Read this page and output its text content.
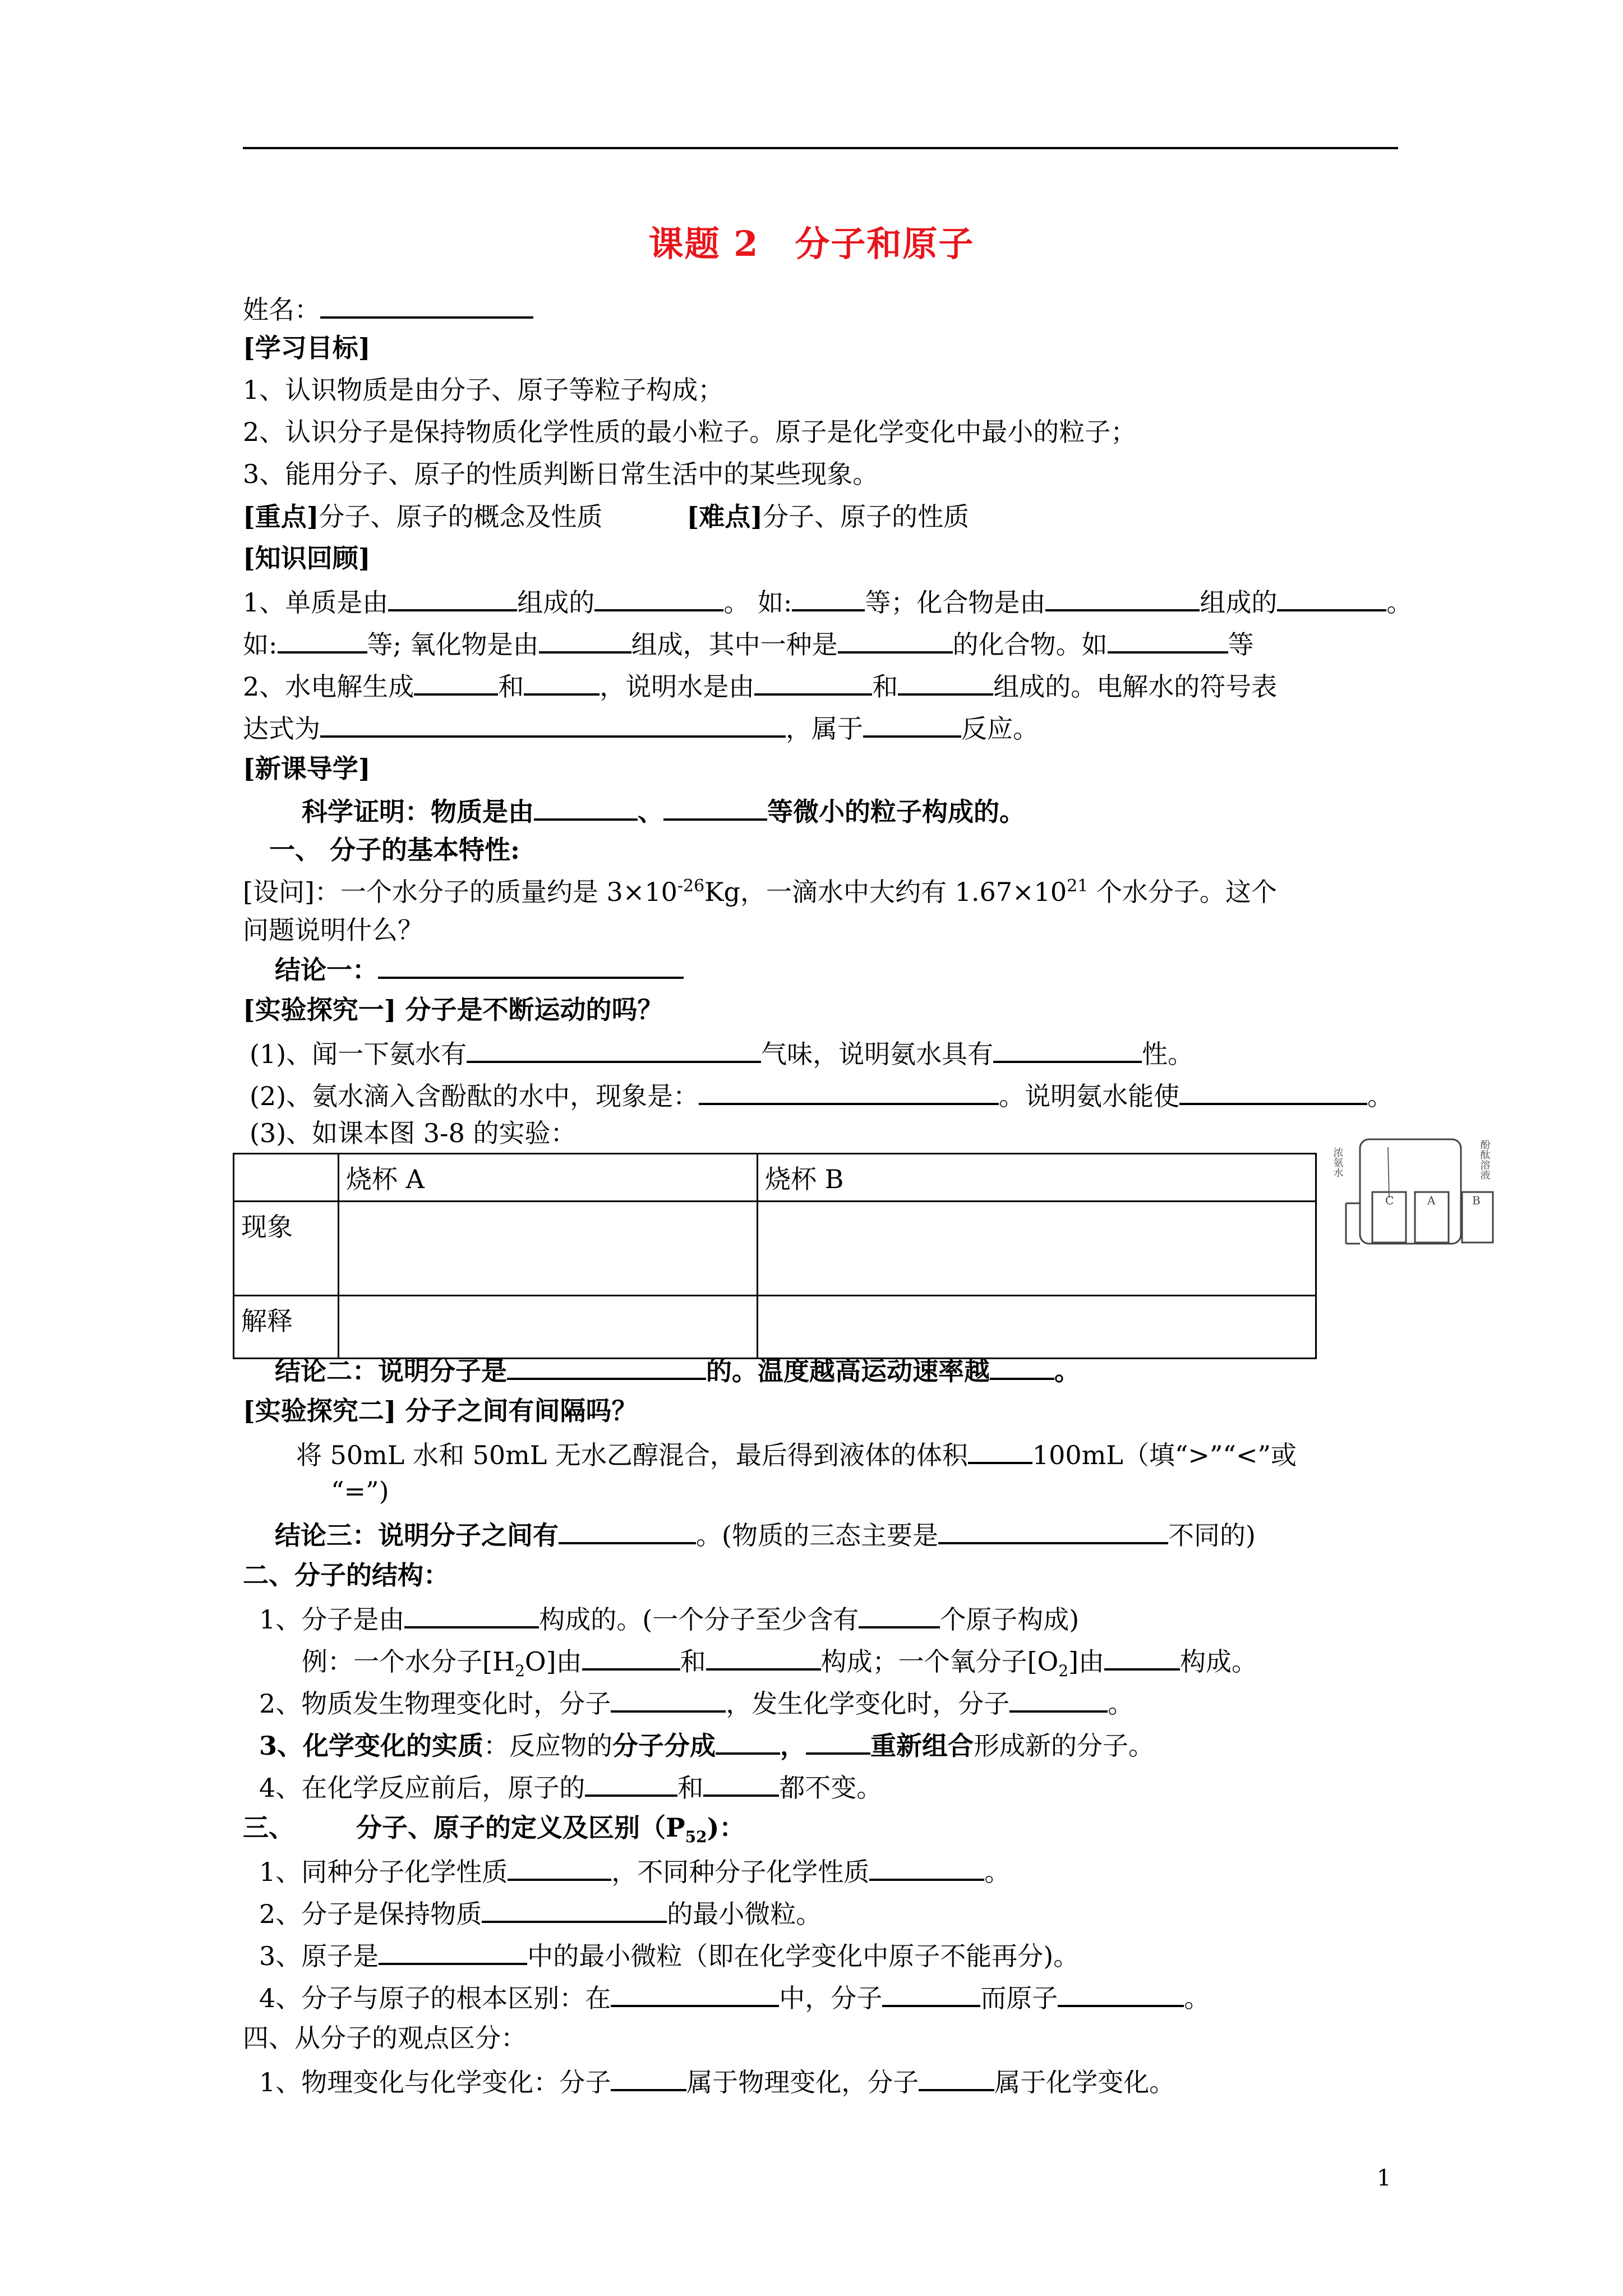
课题 2　分子和原子
姓名：
[学习目标]
1、认识物质是由分子、原子等粒子构成；
2、认识分子是保持物质化学性质的最小粒子。原子是化学变化中最小的粒子；
3、能用分子、原子的性质判断日常生活中的某些现象。
[重点]分子、原子的概念及性质	[难点]分子、原子的性质
[知识回顾]
1、单质是由	组成的	。 如:	等；化合物是由	组成的	。
如:	等; 氧化物是由	组成，其中一种是	的化合物。如	等
2、水电解生成	和	，说明水是由	和	组成的。电解水的符号表
达式为	，属于	反应。
[新课导学]
科学证明：物质是由	、	等微小的粒子构成的。
一、 分子的基本特性:
[设问]：一个水分子的质量约是 $3\times 10^{-26}Kg$，一滴水中大约有 $1.67\times 10^{21}$ 个水分子。这个
问题说明什么？
结论一：
[实验探究一] 分子是不断运动的吗？
(1)、闻一下氨水有	气味，说明氨水具有	性。
(2)、氨水滴入含酚酞的水中，现象是：	。说明氨水能使	。
(3)、如课本图 3-8 的实验：
	烧杯 A	烧杯 B
现象		
解释		
C	A	B
浓氨水	酚酞溶液
结论二：说明分子是	的。温度越高运动速率越	。
[实验探究二] 分子之间有间隔吗？
将 50mL 水和 50mL 无水乙醇混合，最后得到液体的体积	100mL（填“>”“<”或
“=”)
结论三：说明分子之间有	。(物质的三态主要是	不同的)
二、分子的结构：
1、分子是由	构成的。(一个分子至少含有	个原子构成)
例：一个水分子$[H_2O]$由	和	构成；一个氧分子$[O_2]$由	构成。
2、物质发生物理变化时，分子	，发生化学变化时，分子	。
3、化学变化的实质：反应物的分子分成	，	重新组合形成新的分子。
4、在化学反应前后，原子的	和	都不变。
三、 分子、原子的定义及区别$(P_{52})$：
1、同种分子化学性质	，不同种分子化学性质	。
2、分子是保持物质	的最小微粒。
3、原子是	中的最小微粒（即在化学变化中原子不能再分)。
4、分子与原子的根本区别：在	中，分子	而原子	。
四、从分子的观点区分：
1、物理变化与化学变化：分子	属于物理变化，分子	属于化学变化。
1
